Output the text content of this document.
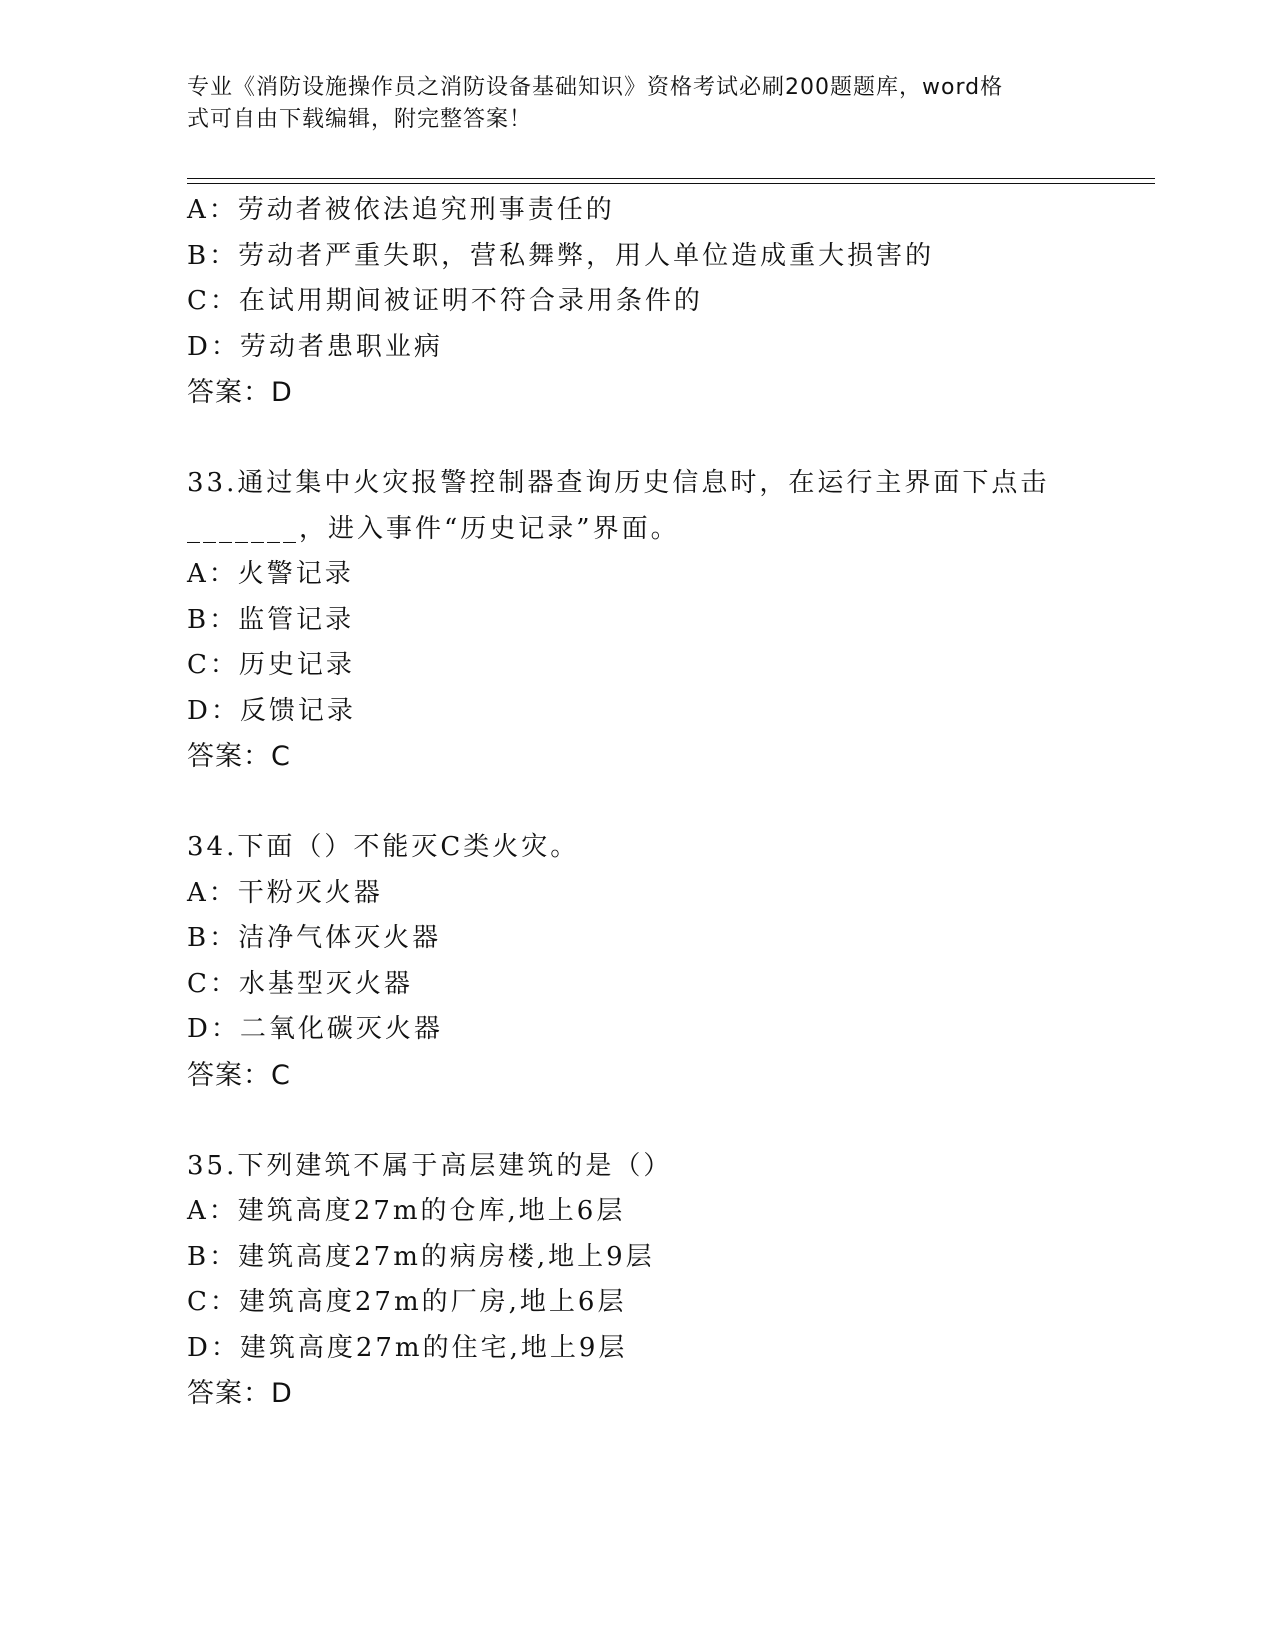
专业《消防设施操作员之消防设备基础知识》资格考试必刷200题题库，word格
式可自由下载编辑，附完整答案！
A：劳动者被依法追究刑事责任的
B：劳动者严重失职，营私舞弊，用人单位造成重大损害的
C：在试用期间被证明不符合录用条件的
D：劳动者患职业病
答案：D
33.通过集中火灾报警控制器查询历史信息时，在运行主界面下点击
_______，进入事件“历史记录”界面。
A：火警记录
B：监管记录
C：历史记录
D：反馈记录
答案：C
34.下面（）不能灭C类火灾。
A：干粉灭火器
B：洁净气体灭火器
C：水基型灭火器
D：二氧化碳灭火器
答案：C
35.下列建筑不属于高层建筑的是（）
A：建筑高度27m的仓库,地上6层
B：建筑高度27m的病房楼,地上9层
C：建筑高度27m的厂房,地上6层
D：建筑高度27m的住宅,地上9层
答案：D
